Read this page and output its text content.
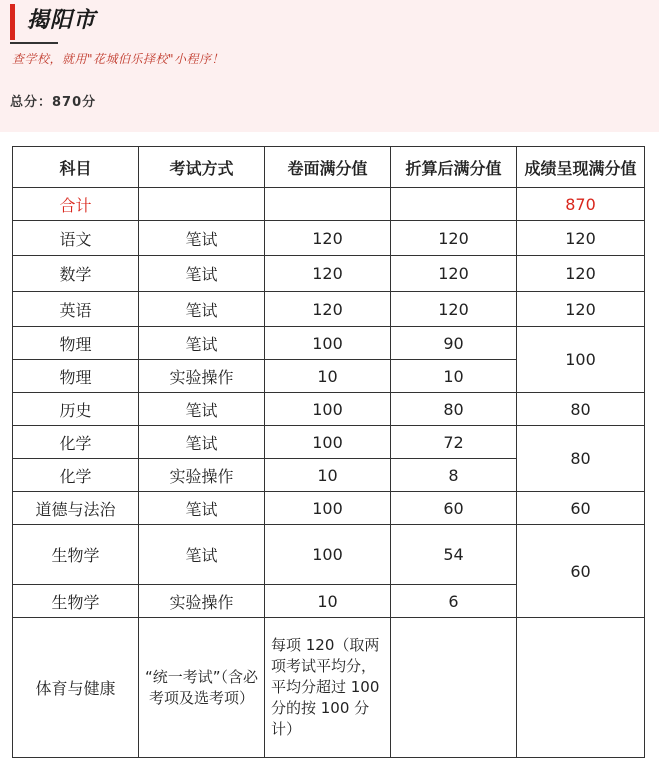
揭阳市
查学校，就用"花城伯乐择校"小程序！
总分：870分
科目	考试方式	卷面满分值	折算后满分值	成绩呈现满分值
合计				870
语文	笔试	120	120	120
数学	笔试	120	120	120
英语	笔试	120	120	120
物理	笔试	100	90	100
物理	实验操作	10	10	
历史	笔试	100	80	80
化学	笔试	100	72	80
化学	实验操作	10	8	
道德与法治	笔试	100	60	60
生物学	笔试	100	54	60
生物学	实验操作	10	6	
体育与健康	“统一考试”（含必考项及选考项）	每项 120（取两项考试平均分，平均分超过 100 分的按 100 分计）		
